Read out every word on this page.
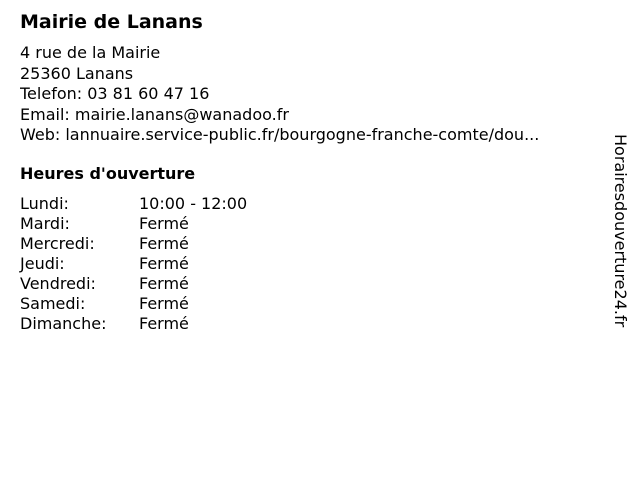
Mairie de Lanans
4 rue de la Mairie
25360 Lanans
Telefon: 03 81 60 47 16
Email: mairie.lanans@wanadoo.fr
Web: lannuaire.service-public.fr/bourgogne-franche-comte/dou...
Heures d'ouverture
Lundi:	10:00 - 12:00
Mardi:	Fermé
Mercredi:	Fermé
Jeudi:	Fermé
Vendredi:	Fermé
Samedi:	Fermé
Dimanche:	Fermé	Horairesdouverture24.fr
